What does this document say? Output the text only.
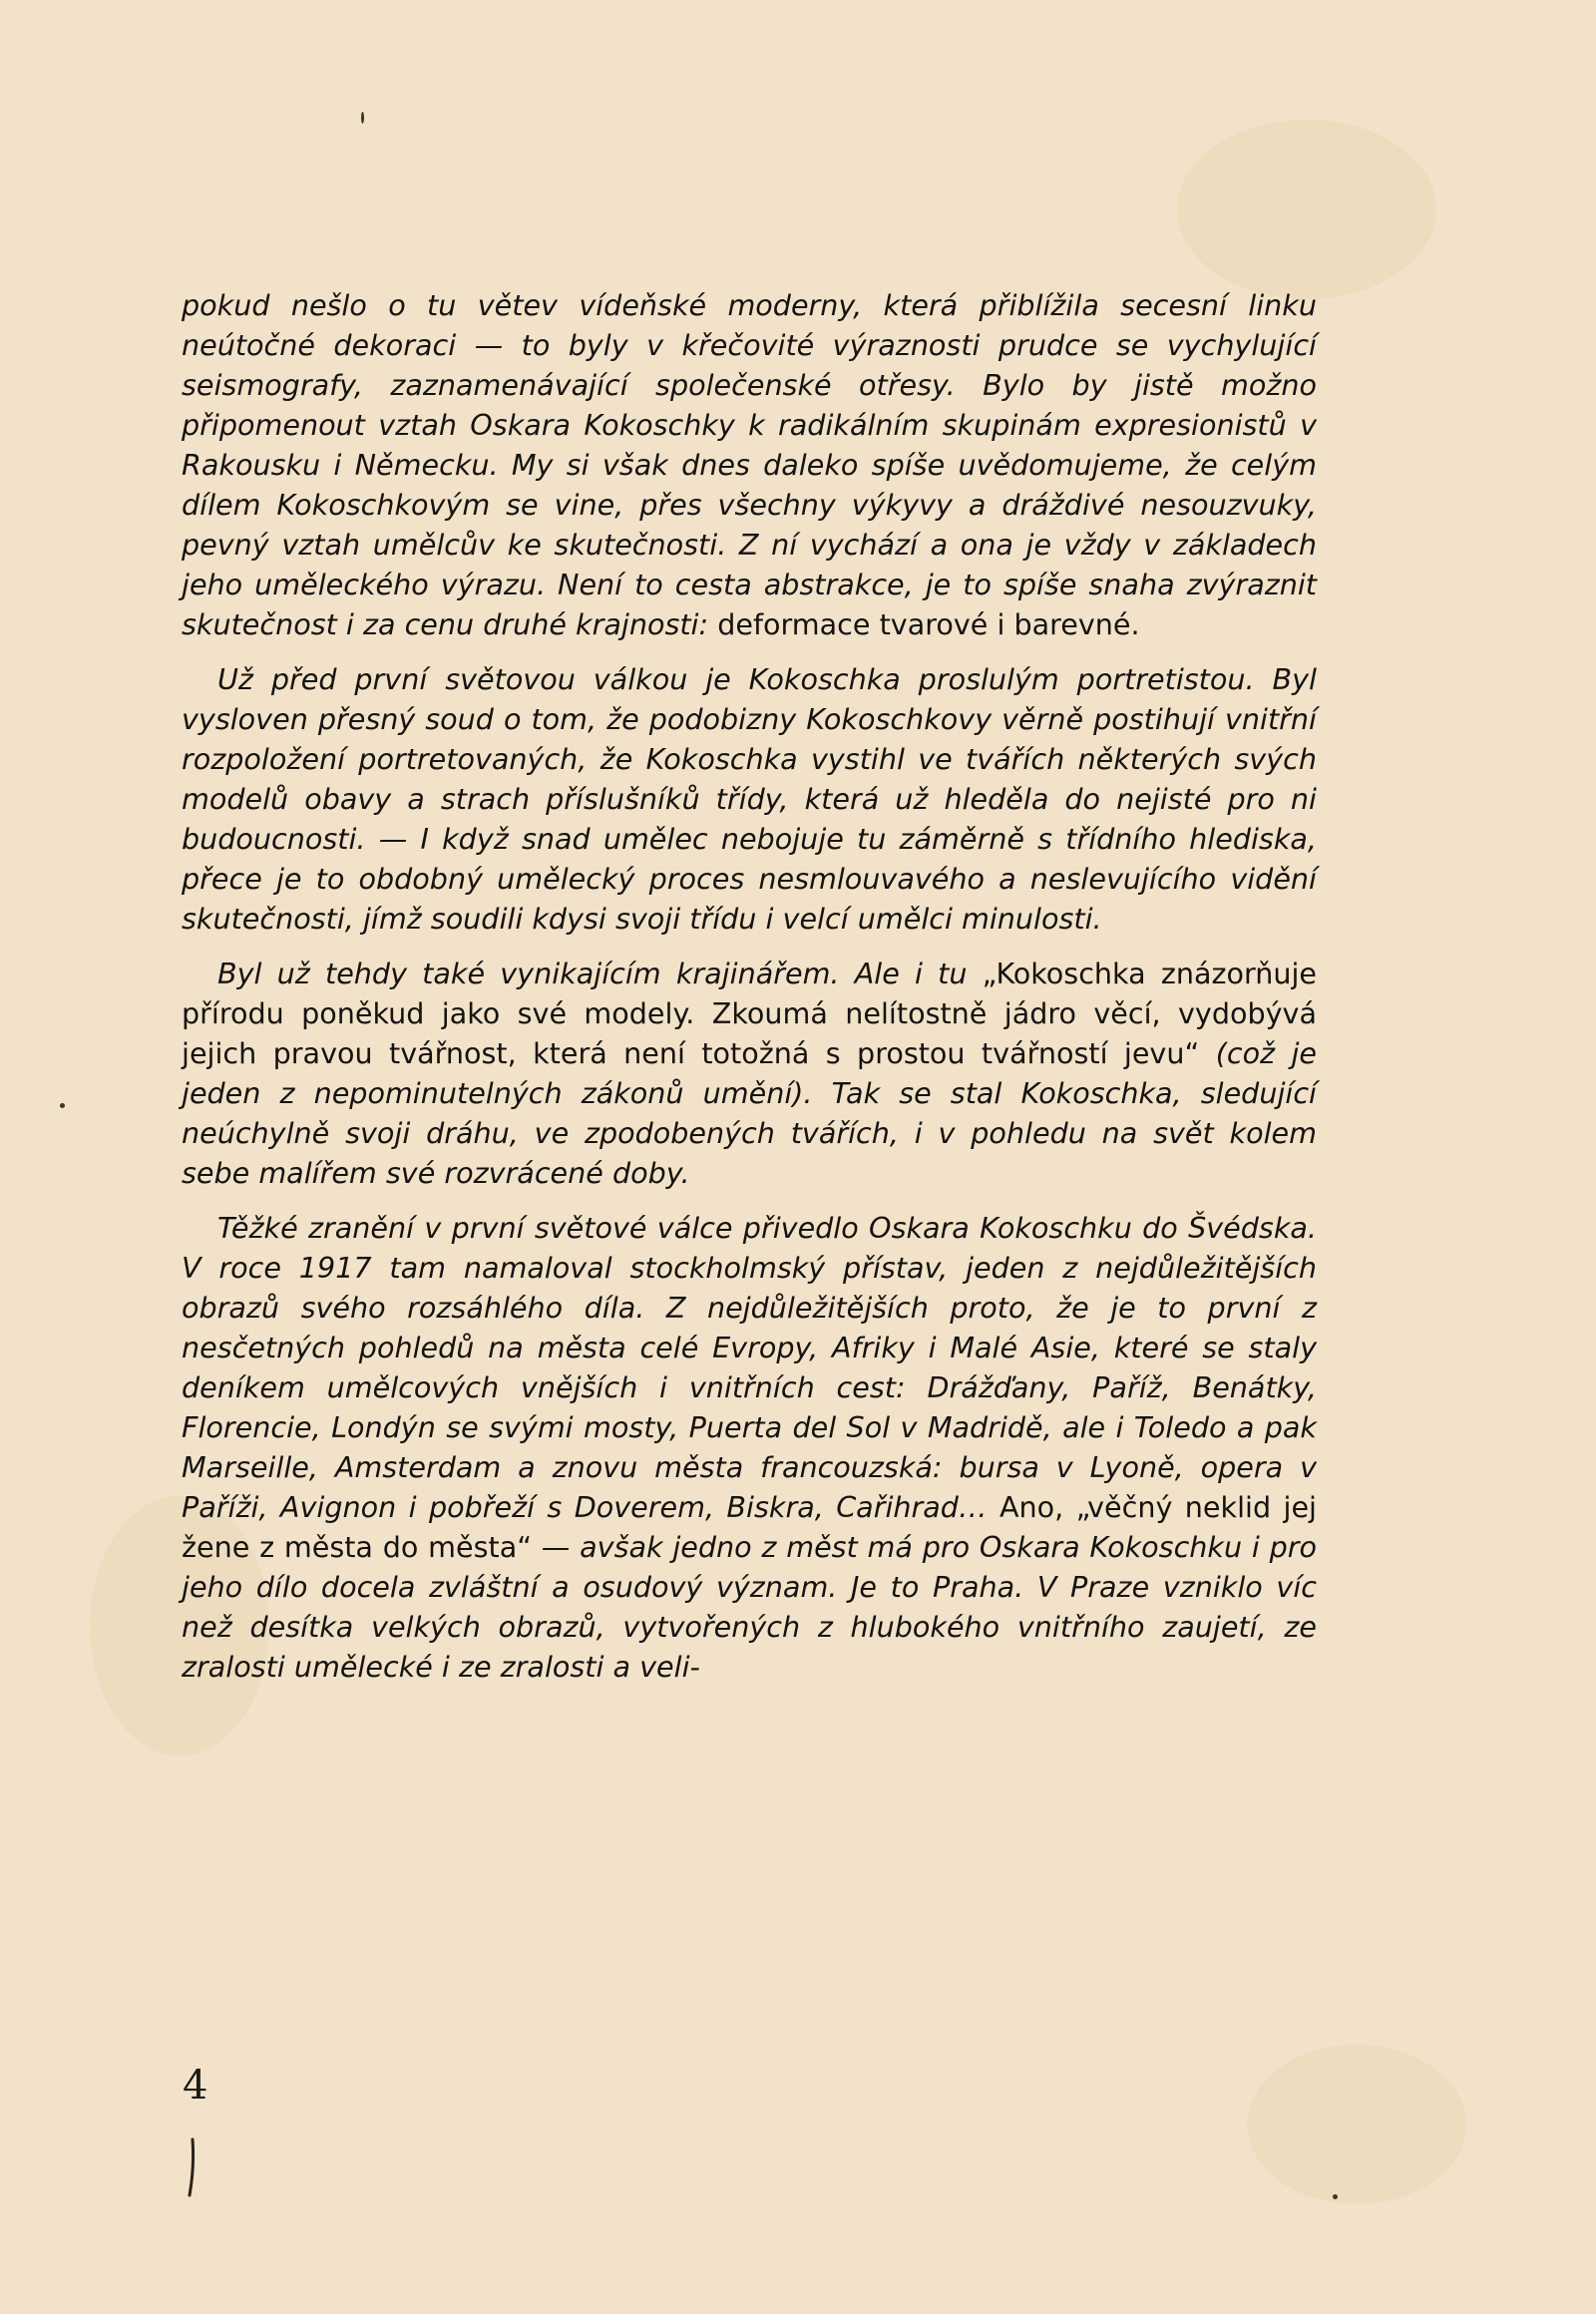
pokud nešlo o tu větev vídeňské moderny, která přiblížila secesní linku neútočné dekoraci — to byly v křečovité výraznosti prudce se vychylující seismografy, zaznamenávající společenské otřesy. Bylo by jistě možno připomenout vztah Oskara Kokoschky k radikálním skupinám expresionistů v Rakousku i Německu. My si však dnes daleko spíše uvědomujeme, že celým dílem Kokoschkovým se vine, přes všechny výkyvy a dráždivé nesouzvuky, pevný vztah umělcův ke skutečnosti. Z ní vychází a ona je vždy v základech jeho uměleckého výrazu. Není to cesta abstrakce, je to spíše snaha zvýraznit skutečnost i za cenu druhé krajnosti: deformace tvarové i barevné.

Už před první světovou válkou je Kokoschka proslulým portretistou. Byl vysloven přesný soud o tom, že podobizny Kokoschkovy věrně postihují vnitřní rozpoložení portretovaných, že Kokoschka vystihl ve tvářích některých svých modelů obavy a strach příslušníků třídy, která už hleděla do nejisté pro ni budoucnosti. — I když snad umělec nebojuje tu záměrně s třídního hlediska, přece je to obdobný umělecký proces nesmlouvavého a neslevujícího vidění skutečnosti, jímž soudili kdysi svoji třídu i velcí umělci minulosti.

Byl už tehdy také vynikajícím krajinářem. Ale i tu „Kokoschka znázorňuje přírodu poněkud jako své modely. Zkoumá nelítostně jádro věcí, vydobývá jejich pravou tvářnost, která není totožná s prostou tvářností jevu“ (což je jeden z nepominutelných zákonů umění). Tak se stal Kokoschka, sledující neúchylně svoji dráhu, ve zpodobených tvářích, i v pohledu na svět kolem sebe malířem své rozvrácené doby.

Těžké zranění v první světové válce přivedlo Oskara Kokoschku do Švédska. V roce 1917 tam namaloval stockholmský přístav, jeden z nejdůležitějších obrazů svého rozsáhlého díla. Z nejdůležitějších proto, že je to první z nesčetných pohledů na města celé Evropy, Afriky i Malé Asie, které se staly deníkem umělcových vnějších i vnitřních cest: Drážďany, Paříž, Benátky, Florencie, Londýn se svými mosty, Puerta del Sol v Madridě, ale i Toledo a pak Marseille, Amsterdam a znovu města francouzská: bursa v Lyoně, opera v Paříži, Avignon i pobřeží s Doverem, Biskra, Cařihrad… Ano, „věčný neklid jej žene z města do města“ — avšak jedno z měst má pro Oskara Kokoschku i pro jeho dílo docela zvláštní a osudový význam. Je to Praha. V Praze vzniklo víc než desítka velkých obrazů, vytvořených z hlubokého vnitřního zaujetí, ze zralosti umělecké i ze zralosti a veli-

4
